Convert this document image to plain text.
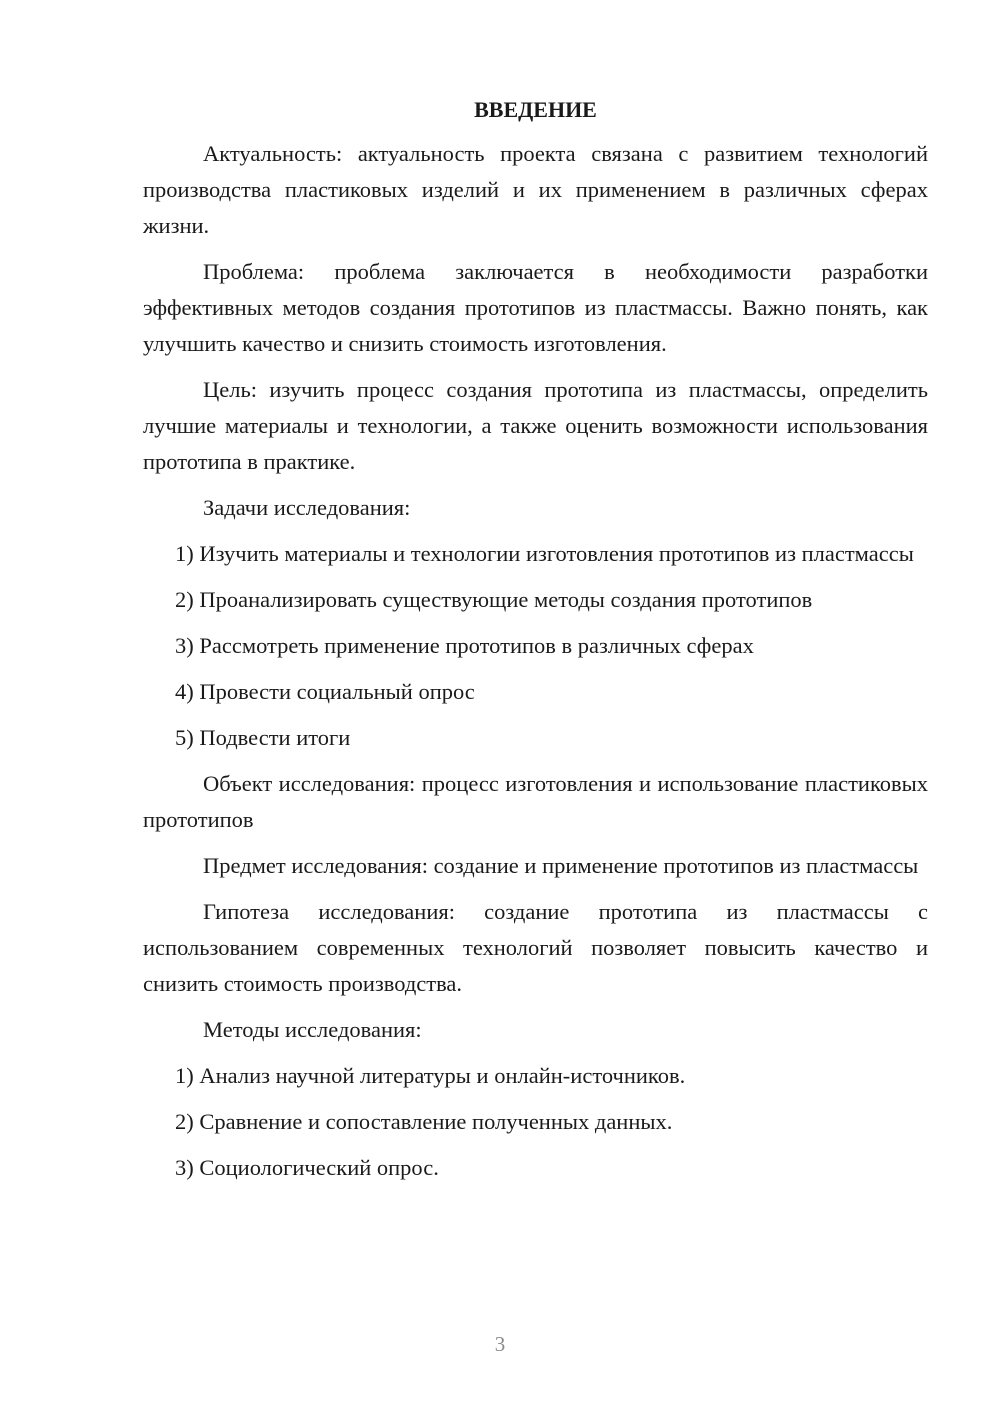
ВВЕДЕНИЕ

Актуальность: актуальность проекта связана с развитием технологий производства пластиковых изделий и их применением в различных сферах жизни.

Проблема: проблема заключается в необходимости разработки эффективных методов создания прототипов из пластмассы. Важно понять, как улучшить качество и снизить стоимость изготовления.

Цель: изучить процесс создания прототипа из пластмассы, определить лучшие материалы и технологии, а также оценить возможности использования прототипа в практике.

Задачи исследования:

1) Изучить материалы и технологии изготовления прототипов из пластмассы

2) Проанализировать существующие методы создания прототипов

3) Рассмотреть применение прототипов в различных сферах

4) Провести социальный опрос

5) Подвести итоги

Объект исследования: процесс изготовления и использование пластиковых прототипов

Предмет исследования: создание и применение прототипов из пластмассы

Гипотеза исследования: создание прототипа из пластмассы с использованием современных технологий позволяет повысить качество и снизить стоимость производства.

Методы исследования:

1) Анализ научной литературы и онлайн-источников.

2) Сравнение и сопоставление полученных данных.

3) Социологический опрос.

3
